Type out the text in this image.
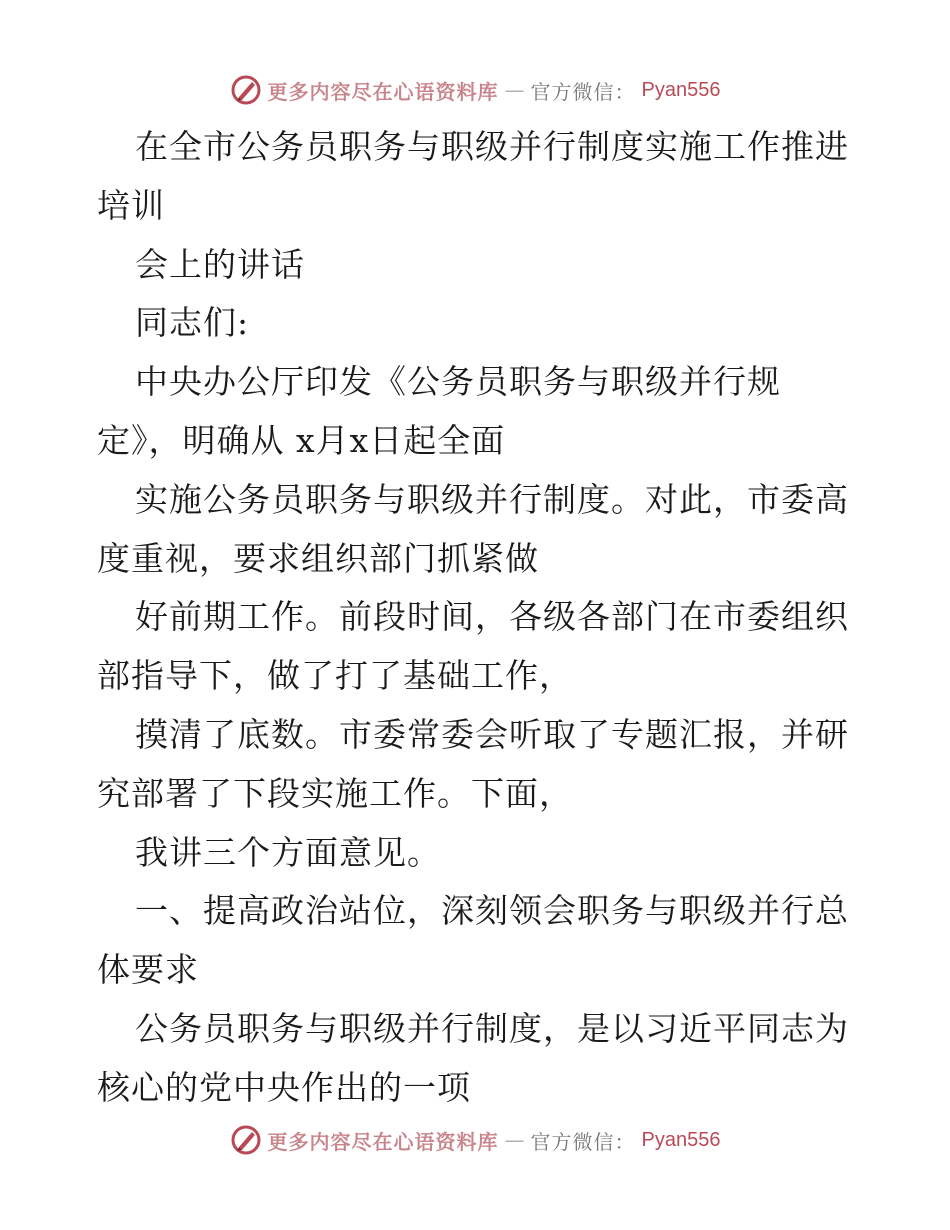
更多内容尽在心语资料库 — 官方微信： Pyan556
在全市公务员职务与职级并行制度实施工作推进
培训
会上的讲话
同志们:
中央办公厅印发《公务员职务与职级并行规
定》，明确从 x月x日起全面
实施公务员职务与职级并行制度。对此，市委高
度重视，要求组织部门抓紧做
好前期工作。前段时间，各级各部门在市委组织
部指导下，做了打了基础工作，
摸清了底数。市委常委会听取了专题汇报，并研
究部署了下段实施工作。下面，
我讲三个方面意见。
一、提高政治站位，深刻领会职务与职级并行总
体要求
公务员职务与职级并行制度，是以习近平同志为
核心的党中央作出的一项
更多内容尽在心语资料库 — 官方微信： Pyan556
